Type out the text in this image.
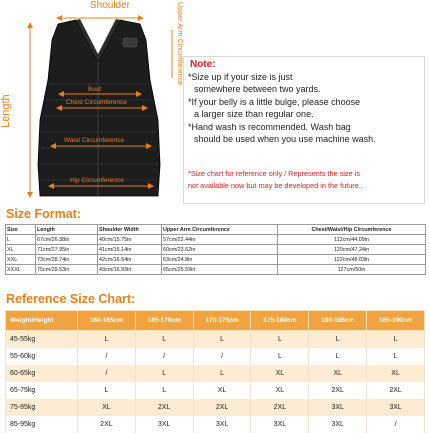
Shoulder
Length
Upper Arm Circumference
Bust
Chest Circumference
Waist Circumference
Hip Circumference
Note:
*Size up if your size is just
somewhere between two yards.
*If your belly is a little bulge, please choose
a larger size than regular one.
*Hand wash is recommended. Wash bag
should be used when you use machine wash.
*Size chart for reference only / Represents the size is
not available now but may be developed in the future..
Size Format:
Size	Length	Shoulder Width	Upper Arm Circumference	Chest/Waist/Hip Circumference
L	67cm/26.38in	40cm/15.75in	57cm/22.44in	112cm/44.09in
XL	71cm/27.95in	41cm/16.14in	60cm/23.62in	120cm/47.24in
XXL	73cm/28.74in	42cm/16.54in	63cm/24.8in	122cm/48.03in
XXXL	75cm/29.53in	43cm/16.93in	65cm/25.59in	127cm/50in
Reference Size Chart:
Weight/Height	160-165cm	165-170cm	170-175cm	175-180cm	180-185cm	185-190cm
45-55kg	L	L	L	L	L	L
55-60kg	/	/	/	L	L	L
60-65kg	/	L	L	XL	XL	XL
65-75kg	L	L	XL	XL	2XL	2XL
75-85kg	XL	2XL	2XL	2XL	3XL	3XL
85-95kg	2XL	3XL	3XL	3XL	3XL	/
